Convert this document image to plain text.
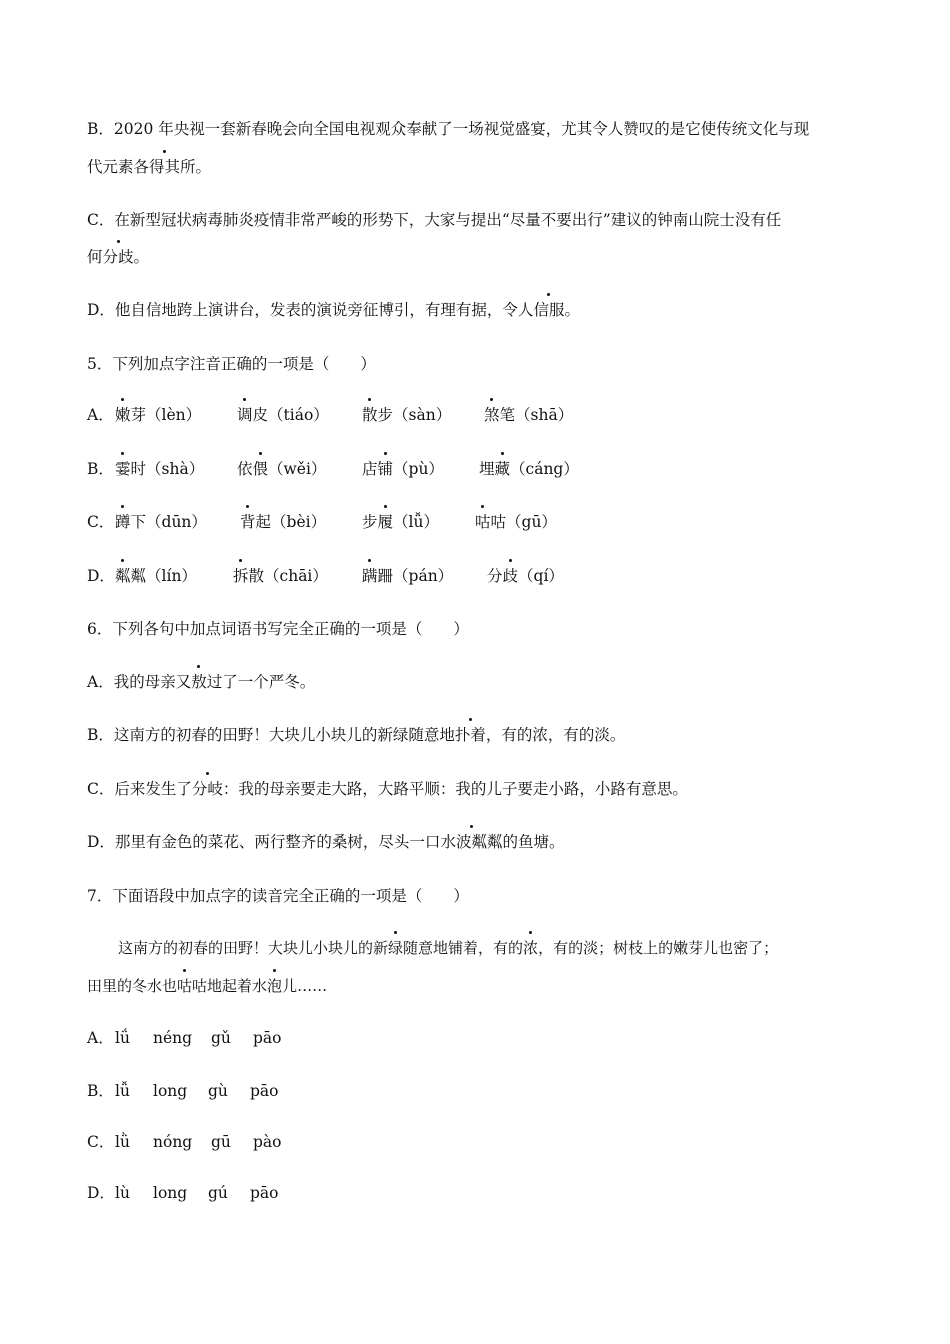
B．2020 年央视一套新春晚会向全国电视观众奉献了一场视觉盛宴，尤其令人赞叹的是它使传统文化与现
代元素各得其所。
C．在新型冠状病毒肺炎疫情非常严峻的形势下，大家与提出“尽量不要出行”建议的钟南山院士没有任
何分歧。
D．他自信地跨上演讲台，发表的演说旁征博引，有理有据，令人信服。
5．下列加点字注音正确的一项是（　　）
A． 嫩芽（lèn） 调皮（tiáo） 散步（sàn） 煞笔（shā）
B． 霎时（shà） 依偎（wěi） 店铺（pù） 埋藏（cáng）
C． 蹲下（dūn） 背起（bèi） 步履（lǚ） 咕咕（gū）
D． 粼粼（lín） 拆散（chāi） 蹒跚（pán） 分歧（qí）
6．下列各句中加点词语书写完全正确的一项是（　　）
A．我的母亲又敖过了一个严冬。
B．这南方的初春的田野！大块儿小块儿的新绿随意地扑着，有的浓，有的淡。
C．后来发生了分岐：我的母亲要走大路，大路平顺：我的儿子要走小路，小路有意思。
D．那里有金色的菜花、两行整齐的桑树，尽头一口水波粼粼的鱼塘。
7．下面语段中加点字的读音完全正确的一项是（　　）
这南方的初春的田野！大块儿小块儿的新绿随意地铺着，有的浓，有的淡；树枝上的嫩芽儿也密了；
田里的冬水也咕咕地起着水泡儿……
A． lǘ néng gǔ pāo
B． lǚ long gù pāo
C． lǜ nóng gū pào
D． lù long gú pāo
